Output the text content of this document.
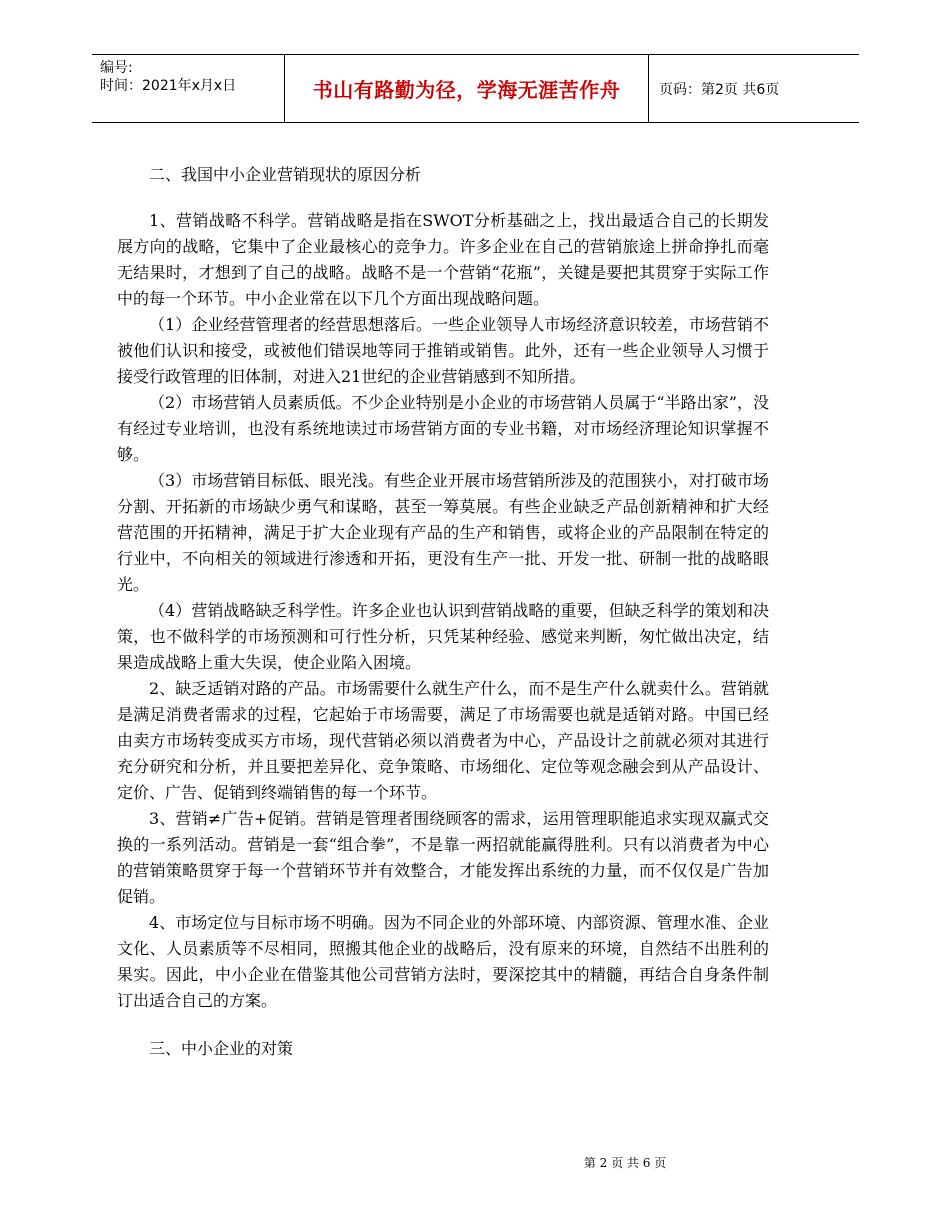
编号:
时间：2021年x月x日	书山有路勤为径，学海无涯苦作舟	页码：第2页 共6页

二、我国中小企业营销现状的原因分析

1、营销战略不科学。营销战略是指在SWOT分析基础之上，找出最适合自己的长期发展方向的战略，它集中了企业最核心的竞争力。许多企业在自己的营销旅途上拼命挣扎而毫无结果时，才想到了自己的战略。战略不是一个营销“花瓶”，关键是要把其贯穿于实际工作中的每一个环节。中小企业常在以下几个方面出现战略问题。

（1）企业经营管理者的经营思想落后。一些企业领导人市场经济意识较差，市场营销不被他们认识和接受，或被他们错误地等同于推销或销售。此外，还有一些企业领导人习惯于接受行政管理的旧体制，对进入21世纪的企业营销感到不知所措。

（2）市场营销人员素质低。不少企业特别是小企业的市场营销人员属于“半路出家”，没有经过专业培训，也没有系统地读过市场营销方面的专业书籍，对市场经济理论知识掌握不够。

（3）市场营销目标低、眼光浅。有些企业开展市场营销所涉及的范围狭小，对打破市场分割、开拓新的市场缺少勇气和谋略，甚至一筹莫展。有些企业缺乏产品创新精神和扩大经营范围的开拓精神，满足于扩大企业现有产品的生产和销售，或将企业的产品限制在特定的行业中，不向相关的领域进行渗透和开拓，更没有生产一批、开发一批、研制一批的战略眼光。

（4）营销战略缺乏科学性。许多企业也认识到营销战略的重要，但缺乏科学的策划和决策，也不做科学的市场预测和可行性分析，只凭某种经验、感觉来判断，匆忙做出决定，结果造成战略上重大失误，使企业陷入困境。

2、缺乏适销对路的产品。市场需要什么就生产什么，而不是生产什么就卖什么。营销就是满足消费者需求的过程，它起始于市场需要，满足了市场需要也就是适销对路。中国已经由卖方市场转变成买方市场，现代营销必须以消费者为中心，产品设计之前就必须对其进行充分研究和分析，并且要把差异化、竞争策略、市场细化、定位等观念融会到从产品设计、定价、广告、促销到终端销售的每一个环节。

3、营销≠广告+促销。营销是管理者围绕顾客的需求，运用管理职能追求实现双赢式交换的一系列活动。营销是一套“组合拳”，不是靠一两招就能赢得胜利。只有以消费者为中心的营销策略贯穿于每一个营销环节并有效整合，才能发挥出系统的力量，而不仅仅是广告加促销。

4、市场定位与目标市场不明确。因为不同企业的外部环境、内部资源、管理水准、企业文化、人员素质等不尽相同，照搬其他企业的战略后，没有原来的环境，自然结不出胜利的果实。因此，中小企业在借鉴其他公司营销方法时，要深挖其中的精髓，再结合自身条件制订出适合自己的方案。

三、中小企业的对策

第 2 页 共 6 页
